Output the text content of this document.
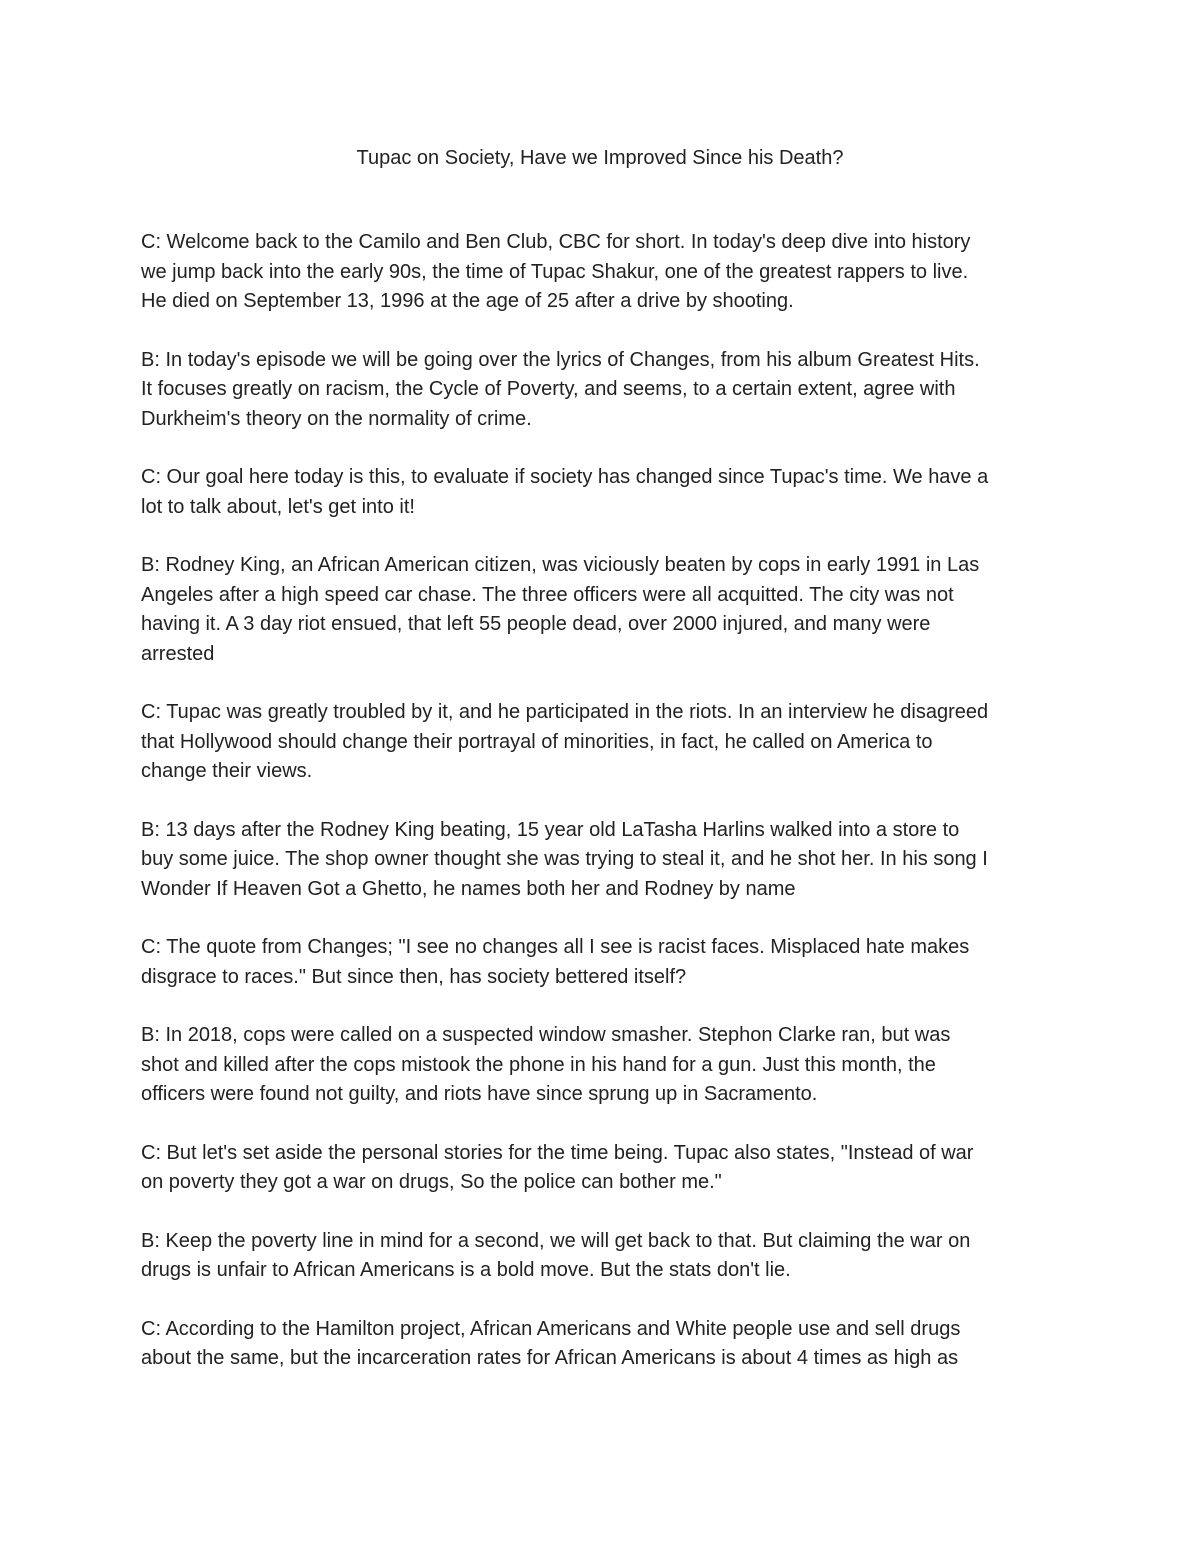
Tupac on Society, Have we Improved Since his Death?

C: Welcome back to the Camilo and Ben Club, CBC for short. In today's deep dive into history
we jump back into the early 90s, the time of Tupac Shakur, one of the greatest rappers to live.
He died on September 13, 1996 at the age of 25 after a drive by shooting.

B: In today's episode we will be going over the lyrics of Changes, from his album Greatest Hits.
It focuses greatly on racism, the Cycle of Poverty, and seems, to a certain extent, agree with
Durkheim's theory on the normality of crime.

C: Our goal here today is this, to evaluate if society has changed since Tupac's time. We have a
lot to talk about, let's get into it!

B: Rodney King, an African American citizen, was viciously beaten by cops in early 1991 in Las
Angeles after a high speed car chase. The three officers were all acquitted. The city was not
having it. A 3 day riot ensued, that left 55 people dead, over 2000 injured, and many were
arrested

C: Tupac was greatly troubled by it, and he participated in the riots. In an interview he disagreed
that Hollywood should change their portrayal of minorities, in fact, he called on America to
change their views.

B: 13 days after the Rodney King beating, 15 year old LaTasha Harlins walked into a store to
buy some juice. The shop owner thought she was trying to steal it, and he shot her. In his song I
Wonder If Heaven Got a Ghetto, he names both her and Rodney by name

C: The quote from Changes; "I see no changes all I see is racist faces. Misplaced hate makes
disgrace to races." But since then, has society bettered itself?

B: In 2018, cops were called on a suspected window smasher. Stephon Clarke ran, but was
shot and killed after the cops mistook the phone in his hand for a gun. Just this month, the
officers were found not guilty, and riots have since sprung up in Sacramento.

C: But let's set aside the personal stories for the time being. Tupac also states, "Instead of war
on poverty they got a war on drugs, So the police can bother me."

B: Keep the poverty line in mind for a second, we will get back to that. But claiming the war on
drugs is unfair to African Americans is a bold move. But the stats don't lie.

C: According to the Hamilton project, African Americans and White people use and sell drugs
about the same, but the incarceration rates for African Americans is about 4 times as high as
